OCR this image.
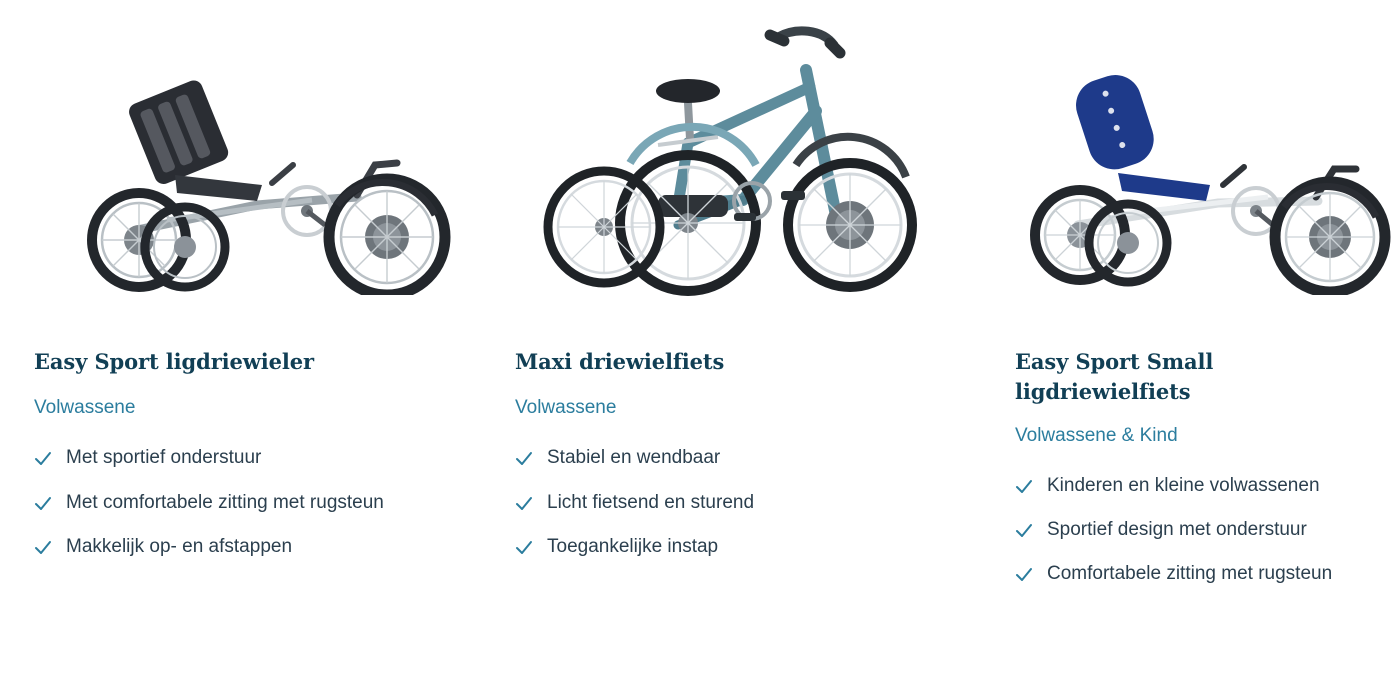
Easy Sport ligdriewieler
Volwassene
Met sportief onderstuur
Met comfortabele zitting met rugsteun
Makkelijk op- en afstappen
Maxi driewielfiets
Volwassene
Stabiel en wendbaar
Licht fietsend en sturend
Toegankelijke instap
Easy Sport Small ligdriewielfiets
Volwassene & Kind
Kinderen en kleine volwassenen
Sportief design met onderstuur
Comfortabele zitting met rugsteun
